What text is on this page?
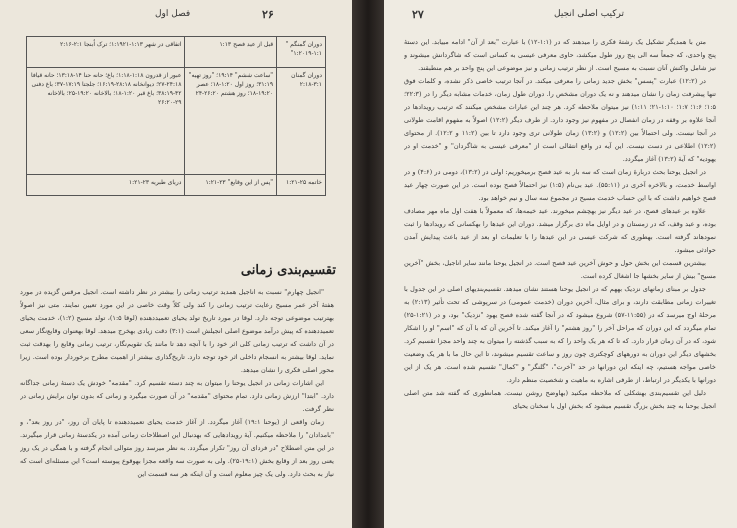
فصل اول	۲۶
دوران گمنگم " ۱:۱-۱:۲۰۱۹"	قبل از عید فصح ۱:۱۳	اتفاقی در شهر ۱:۱۳-۱:۱۹۲۱؛ ترک اُبنجا ۲:۱-۲:۱۶
دوران گمنان ۳:۱-۲:۱۸	"ساعت ششم" ۱۹:۱۴؛ "روز تهیه" ۳۱:۱۹؛ روز اول ۱:۲۰-۱۸؛ عصر ۱۹:۲۰-۱۸؛ روز هشتم ۲۶:۲۰-۲۴	عبور از قدرون ۱:۱۸-۱:۱۸؛ باغ؛ حانه حنا ۱۴-۱۳:۱۸؛ حانه قیافا ۲۴:۱۸-۲۷؛ دیوانخانه ۲۸:۱۸-۱۶:۱۹؛ جلجتا ۱۷:۱۹-۳۷؛ باغ دفنی ۴۲-۳۸:۱۹؛ باغ قبر ۱:۲۰-۱۸؛ بالاخانه ۱۹:۲۰-۲۵؛ بالاخانه ۲۹-۲۶:۲۰
خاتمه ۲۵-۱:۲۱	"پس از این وقایع" ۲۳-۱:۲۱	دریای طبریه ۲۳-۱:۲۱
تقسیم‌بندی زمانی

"انجیل چهارم" نسبت به اناجیل همدید ترتیب زمانی را بیشتر در نظر داشته است. انجیل مرقس گزیده در مورد هفتهٔ آخر عمر مسیح رعایت ترتیب زمانی را کند ولی کلاً وقت خاصی در این مورد تعیین نمایند. متی نیز اصولاً بهترتیب موضوعی توجه دارد. لوقا در مورد تاریخ تولد یحیای تعمیددهنده (لوقا ۱:۵)، تولد مسیح (۱:۲)، خدمت یحیای تعمیددهنده که پیش درآمد موضوع اصلی انجیلش است (۳:۱) دقت زیادی بهخرج میدهد. لوقا بهعنوان وقایع‌نگار سعی در آن داشت که ترتیب زمانی کلی اثر خود را با آنچه دهد تا مانند یک تقویم‌نگار، ترتیب زمانی وقایع را بهدقت ثبت نماید. لوقا بیشتر به انسجام داخلی اثر خود توجه دارد. تاریخ‌گذاری بیشتر از اهمیت مطرح برخوردار بوده است. زیرا محور اصلی فکری را نشان میدهد.

این اشارات زمانی در انجیل یوحنا را میتوان به چند دسته تقسیم کرد. "مقدمه" خودش یک دستهٔ زمانی جداگانه دارد. "ابتدا" ارزش زمانی دارد. تمام محتوای "مقدمه" در آن صورت میگیرد و زمانی که بدون توان برایش زمانی در نظر گرفت.

زمان واقعی از (یوحنا ۱۹:۱) آغاز میگردد. از آغاز خدمت یحیای تعمیددهنده تا پایان آن روز، "در روز بعد"، و "بامدادان" را ملاحظه میکنیم. آیهٔ رویدادهایی که بهدنبال این اصطلاحات زمانی آمده در یکدستهٔ زمانی قرار میگیرند. در این متن اصطلاح "در فردای آن روز" تکرار میگردد. به نظر میرسد روز متوالی انجام گرفته و با همگی در یک روز یعنی روز بعد از وقایع بخش (۱۹:۱-۲۵). ولی به صورت سه واقعه مجزا بهوقوع پیوسته است؟ این مسئله‌ای است که نیاز به بحث دارد. ولی یک چیز معلوم است و آن اینکه هر سه قسمت این

۲۷	ترکیب اصلی انجیل

متن با همدیگر تشکیل یک رشتهٔ فکری را میدهند که در (۱:۱-۱۲) با عبارت "بعد از آن" ادامه مییابد. این دستهٔ پنج واحدی، که جمعاً سه الی پنج روز طول میکشد، حاوی معرفی عیسی به کسانی است که شاگردانش میشوند و نیز شامل واکنش آنان نسبت به مسیح است. از نظر ترتیب زمانی و نیز موضوعی این پنج واحد بر هم منطبقند.

در (۱۲:۲) عبارت "پسس" بخش جدید زمانی را معرفی میکند. در آنجا ترتیب خاصی ذکر نشده، و کلمات فوق تنها پیشرفت زمان را نشان میدهند و نه یک دوران مشخص را. دوران طول زمان، خدمات مشابه دیگر را در (۲۲:۳؛ ۱:۵؛ ۱:۶؛ ۱:۷؛ ۱:۱۰-۲۱؛ ۱:۱۱) نیز میتوان ملاحظه کرد. هر چند این عبارات مشخص میکنند که ترتیب رویدادها در آنجا علاوه بر وقفه در زمان انفصال در مفهوم نیز وجود دارد. از طرف دیگر (۱۲:۲) اصولاً به مفهوم اقامت طولانی در آنجا نیست. ولی احتمالاً بین (۱۲:۲) و (۱۳:۲) زمان طولانی تری وجود دارد تا بین (۱۱:۲ و ۱۲:۲). از محتوای (۱۲:۲) اطلاعی در دست نیست. این آیه در واقع انتقالی است از "معرفی عیسی به شاگردان" و "خدمت او در یهودیه" که آیهٔ (۱۳:۲) آغاز میگردد.

در انجیل یوحنا بحث دربارهٔ زمان است که سه بار به عید فصح برمیخوریم: اولی در (۱۳:۲)، دومی در (۴:۶) و در اواسط خدمت، و بالاخره آخری در (۵۵:۱۱). عید بی‌نام (۱:۵) نیز احتمالاً فصح بوده است. در این صورت چهار عید فصح خواهیم داشت که با این حساب خدمت مسیح در مجموع سه سال و نیم خواهد بود.

علاوه بر عیدهای فصح، در عید دیگر نیز بهچشم میخورند. عید خیمه‌ها، که معمولاً با هفت اول ماه مهر مصادف بوده، و عید وقف، که در زمستان و در اوایل ماه دی برگزار میشد. دوران این عیدها را بهکسانی که رویدادها را ثبت نمودهاند گرفته است. بهطوری که شرکت عیسی در این عیدها را با تعلیمات او بعد از عید باعث پیدایش آمدن حوادثی میشود.

بیشترین قسمت این بخش حول و حوش آخرین عید فصح است. در انجیل یوحنا مانند سایر اناجیل، بخش "آخرین مسیح" بیش از سایر بخشها جا اشغال کرده است.

جدول بر مبنای زمانهای نزدیک بههم که در انجیل یوحنا هستند نشان میدهد. تقسیم‌بندیهای اصلی در این جدول با تغییرات زمانی مطابقت دارند، و برای مثال، آخرین دوران (خدمت عمومی) در سرپوشی که تحت تأثیر (۲:۱۳) به مرحلهٔ اوج میرسد که در (۱۱:۵۵-۵۷) شروع میشود که در آنجا گفته شده فصح یهود "نزدیک" بود، و در (۱:۲۱-۲۵) تمام میگردد که این دوران که مراحل آخر را "روز هشتم" را آغاز میکند. تا آخرین آن که با آن که "اسم" او را اشکار شود، که در آن زمان قرار دارد. که تا که هر یک واحد را که به سبب گذشته را میتوان به چند واحد مجزا تقسیم کرد. بخشهای دیگر این دوران به دورههای کوچکتری چون روز و ساعت تقسیم میشوند، تا این حال ما با هر یک وضعیت خاصی مواجه هستیم، چه اینکه این دورانها در حد "آخرت"، "گلنگر" و "کمال" تقسیم شده است. هر یک از این دورانها با یکدیگر در ارتباط، از طرفی اشاره به ماهیت و شخصیت منظم دارد.

دلیل این تقسیم‌بندی بهشکلی که ملاحظه میکنید (بهاوضح روشن نیست. همانطوری که گفته شد متن اصلی انجیل یوحنا به چند بخش بزرگ تقسیم میشود که بخش اول با سخنان یحیای
